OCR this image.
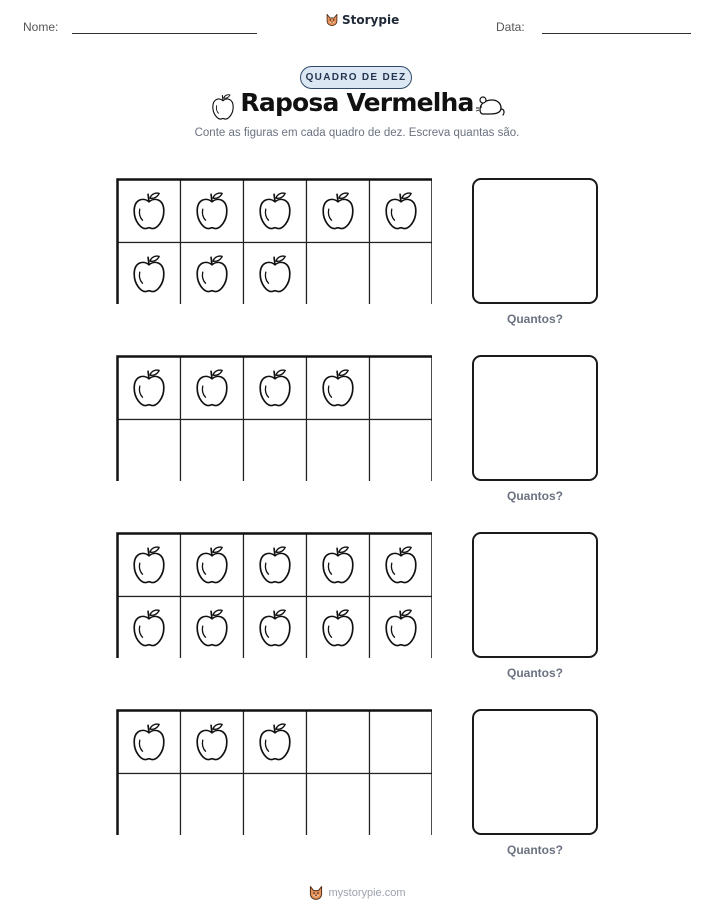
Nome:	Storypie	Data:
QUADRO DE DEZ
Raposa Vermelha
Conte as figuras em cada quadro de dez. Escreva quantas são.
Quantos?
Quantos?
Quantos?
Quantos?
mystorypie.com
